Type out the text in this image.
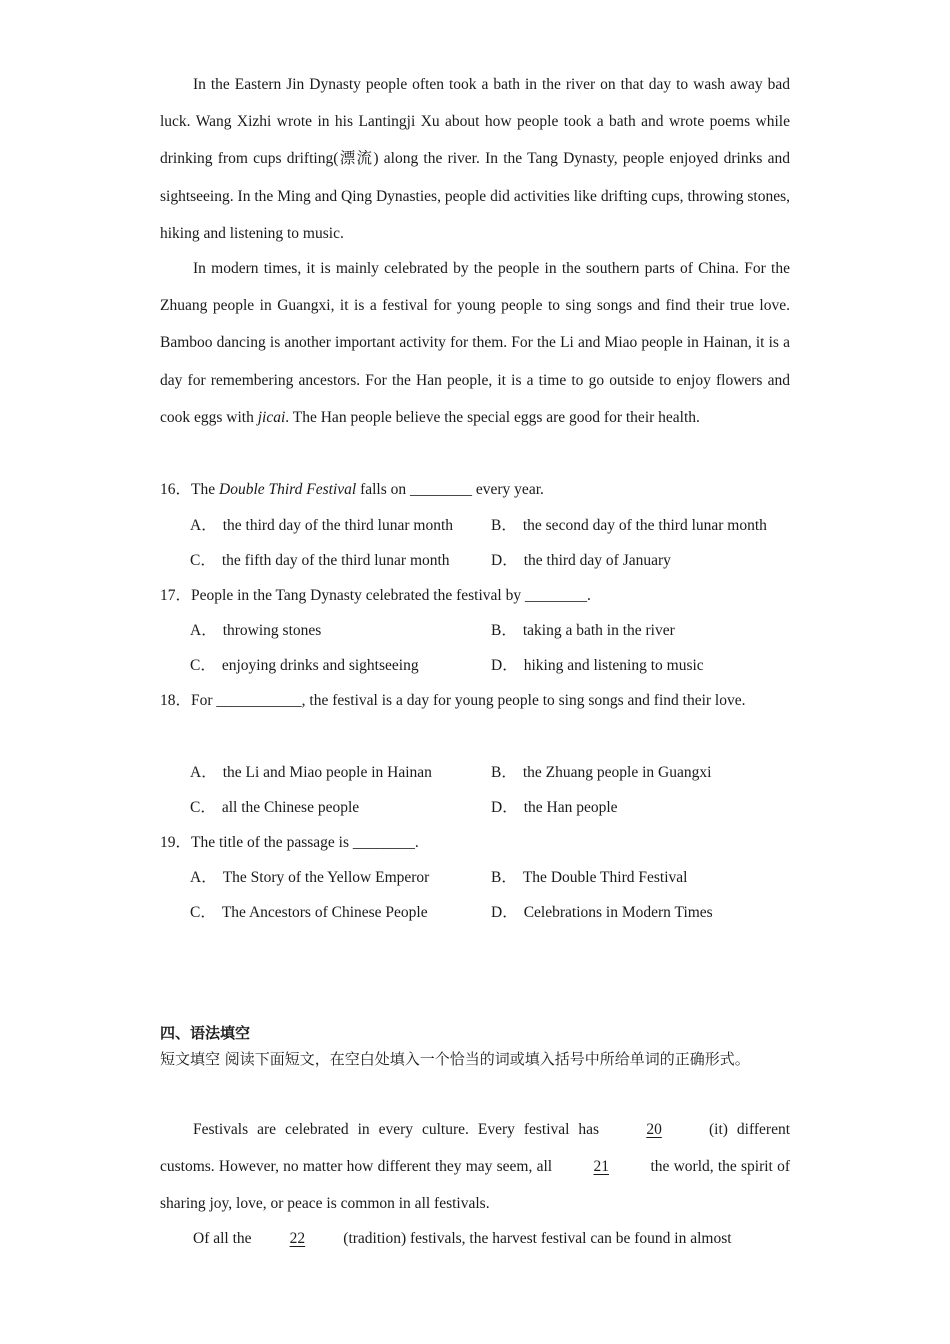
In the Eastern Jin Dynasty people often took a bath in the river on that day to wash away bad luck. Wang Xizhi wrote in his Lantingji Xu about how people took a bath and wrote poems while drinking from cups drifting(漂流) along the river. In the Tang Dynasty, people enjoyed drinks and sightseeing. In the Ming and Qing Dynasties, people did activities like drifting cups, throwing stones, hiking and listening to music.

In modern times, it is mainly celebrated by the people in the southern parts of China. For the Zhuang people in Guangxi, it is a festival for young people to sing songs and find their true love. Bamboo dancing is another important activity for them. For the Li and Miao people in Hainan, it is a day for remembering ancestors. For the Han people, it is a time to go outside to enjoy flowers and cook eggs with jicai. The Han people believe the special eggs are good for their health.

16．The Double Third Festival falls on ________ every year.

A． the third day of the third lunar month	B． the second day of the third lunar month
C． the fifth day of the third lunar month	D． the third day of January

17．People in the Tang Dynasty celebrated the festival by ________.

A． throwing stones	B． taking a bath in the river
C． enjoying drinks and sightseeing	D． hiking and listening to music

18．For ___________, the festival is a day for young people to sing songs and find their love.

A． the Li and Miao people in Hainan	B． the Zhuang people in Guangxi
C． all the Chinese people	D． the Han people

19．The title of the passage is ________.

A． The Story of the Yellow Emperor	B． The Double Third Festival
C． The Ancestors of Chinese People	D． Celebrations in Modern Times
四、语法填空
短文填空 阅读下面短文，在空白处填入一个恰当的词或填入括号中所给单词的正确形式。

Festivals are celebrated in every culture. Every festival has 20 (it) different customs. However, no matter how different they may seem, all 21 the world, the spirit of sharing joy, love, or peace is common in all festivals.

Of all the 22 (tradition) festivals, the harvest festival can be found in almost
